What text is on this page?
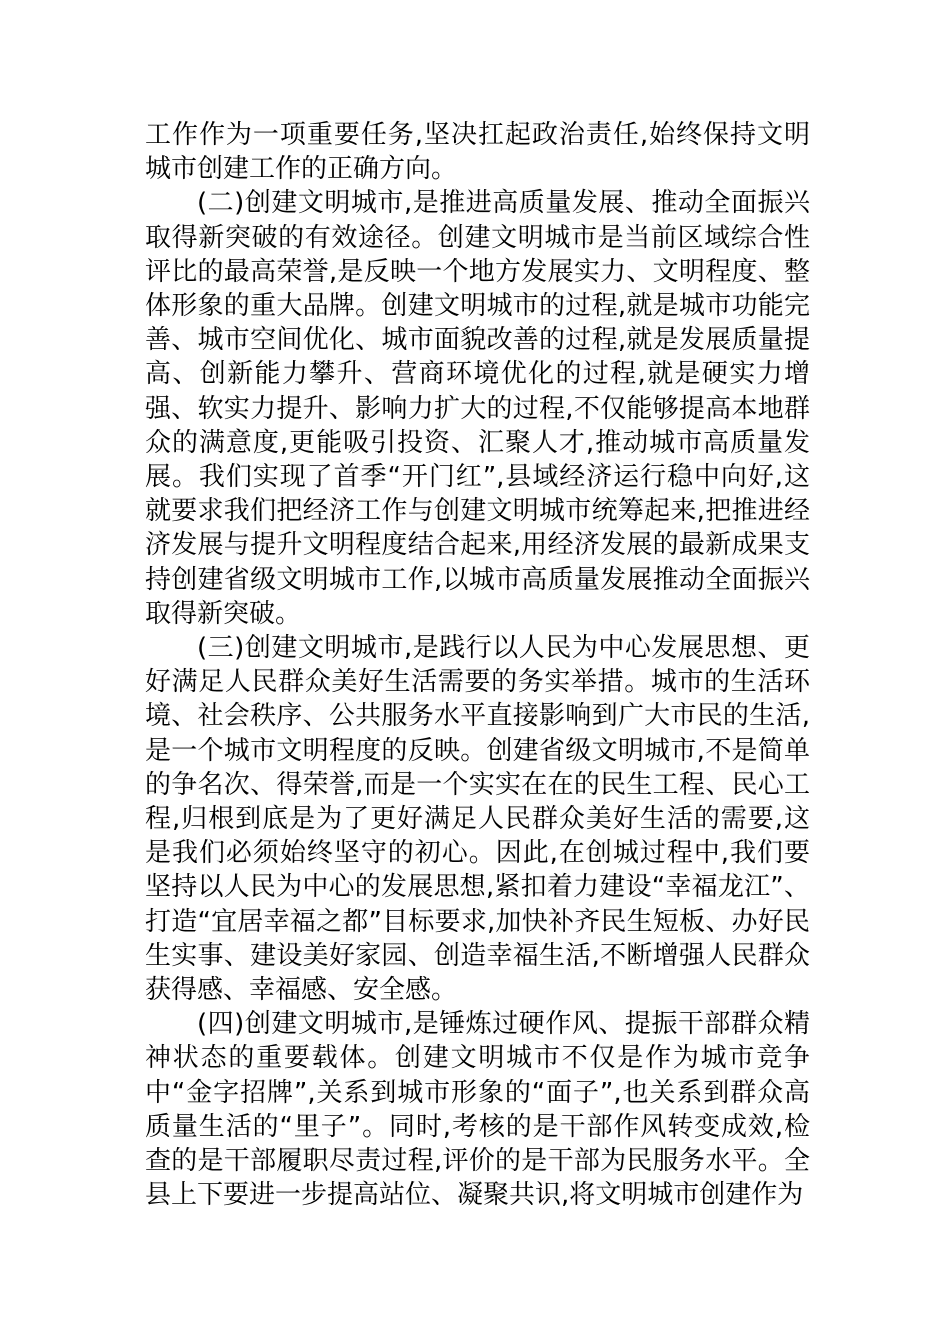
工作作为一项重要任务,坚决扛起政治责任,始终保持文明城市创建工作的正确方向。

(二)创建文明城市,是推进高质量发展、推动全面振兴取得新突破的有效途径。创建文明城市是当前区域综合性评比的最高荣誉,是反映一个地方发展实力、文明程度、整体形象的重大品牌。创建文明城市的过程,就是城市功能完善、城市空间优化、城市面貌改善的过程,就是发展质量提高、创新能力攀升、营商环境优化的过程,就是硬实力增强、软实力提升、影响力扩大的过程,不仅能够提高本地群众的满意度,更能吸引投资、汇聚人才,推动城市高质量发展。我们实现了首季“开门红”,县域经济运行稳中向好,这就要求我们把经济工作与创建文明城市统筹起来,把推进经济发展与提升文明程度结合起来,用经济发展的最新成果支持创建省级文明城市工作,以城市高质量发展推动全面振兴取得新突破。

(三)创建文明城市,是践行以人民为中心发展思想、更好满足人民群众美好生活需要的务实举措。城市的生活环境、社会秩序、公共服务水平直接影响到广大市民的生活,是一个城市文明程度的反映。创建省级文明城市,不是简单的争名次、得荣誉,而是一个实实在在的民生工程、民心工程,归根到底是为了更好满足人民群众美好生活的需要,这是我们必须始终坚守的初心。因此,在创城过程中,我们要坚持以人民为中心的发展思想,紧扣着力建设“幸福龙江”、打造“宜居幸福之都”目标要求,加快补齐民生短板、办好民生实事、建设美好家园、创造幸福生活,不断增强人民群众获得感、幸福感、安全感。

(四)创建文明城市,是锤炼过硬作风、提振干部群众精神状态的重要载体。创建文明城市不仅是作为城市竞争中“金字招牌”,关系到城市形象的“面子”,也关系到群众高质量生活的“里子”。同时,考核的是干部作风转变成效,检查的是干部履职尽责过程,评价的是干部为民服务水平。全县上下要进一步提高站位、凝聚共识,将文明城市创建作为
